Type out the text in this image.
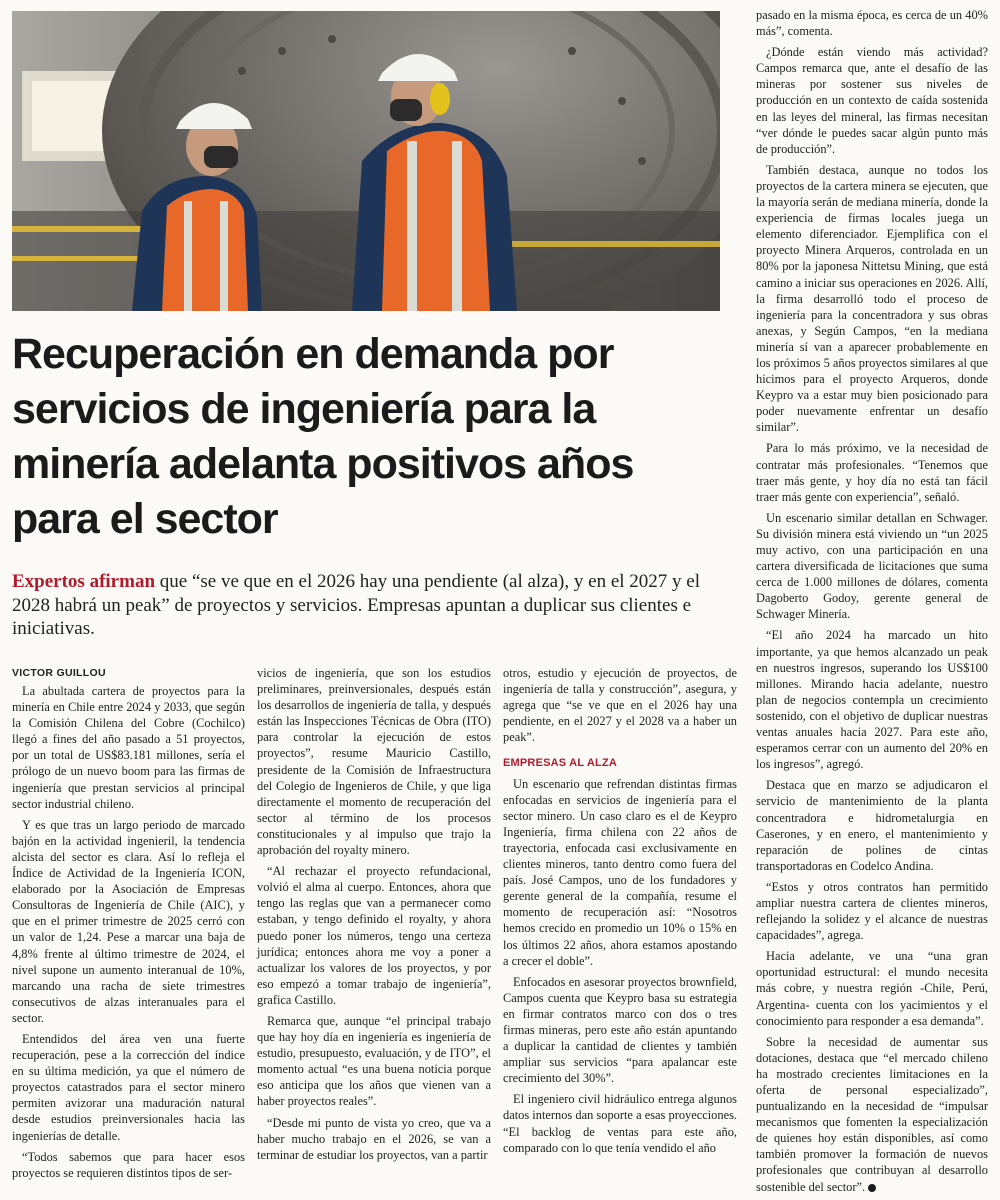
Recuperación en demanda por
servicios de ingeniería para la
minería adelanta positivos años
para el sector

Expertos afirman que “se ve que en el 2026 hay una pendiente (al alza), y en el 2027 y el 2028 habrá un peak” de proyectos y servicios. Empresas apuntan a duplicar sus clientes e iniciativas.

VICTOR GUILLOU

La abultada cartera de proyectos para la minería en Chile entre 2024 y 2033, que según la Comisión Chilena del Cobre (Cochilco) llegó a fines del año pasado a 51 proyectos, por un total de US$83.181 millones, sería el prólogo de un nuevo boom para las firmas de ingeniería que prestan servicios al principal sector industrial chileno.

Y es que tras un largo periodo de marcado bajón en la actividad ingenieril, la tendencia alcista del sector es clara. Así lo refleja el Índice de Actividad de la Ingeniería ICON, elaborado por la Asociación de Empresas Consultoras de Ingeniería de Chile (AIC), y que en el primer trimestre de 2025 cerró con un valor de 1,24. Pese a marcar una baja de 4,8% frente al último trimestre de 2024, el nivel supone un aumento interanual de 10%, marcando una racha de siete trimestres consecutivos de alzas interanuales para el sector.

Entendidos del área ven una fuerte recuperación, pese a la corrección del índice en su última medición, ya que el número de proyectos catastrados para el sector minero permiten avizorar una maduración natural desde estudios preinversionales hacia las ingenierías de detalle.

“Todos sabemos que para hacer esos proyectos se requieren distintos tipos de ser-

vicios de ingeniería, que son los estudios preliminares, preinversionales, después están los desarrollos de ingeniería de talla, y después están las Inspecciones Técnicas de Obra (ITO) para controlar la ejecución de estos proyectos”, resume Mauricio Castillo, presidente de la Comisión de Infraestructura del Colegio de Ingenieros de Chile, y que liga directamente el momento de recuperación del sector al término de los procesos constitucionales y al impulso que trajo la aprobación del royalty minero.

“Al rechazar el proyecto refundacional, volvió el alma al cuerpo. Entonces, ahora que tengo las reglas que van a permanecer como estaban, y tengo definido el royalty, y ahora puedo poner los números, tengo una certeza jurídica; entonces ahora me voy a poner a actualizar los valores de los proyectos, y por eso empezó a tomar trabajo de ingeniería”, grafica Castillo.

Remarca que, aunque “el principal trabajo que hay hoy día en ingeniería es ingeniería de estudio, presupuesto, evaluación, y de ITO”, el momento actual “es una buena noticia porque eso anticipa que los años que vienen van a haber proyectos reales”.

“Desde mi punto de vista yo creo, que va a haber mucho trabajo en el 2026, se van a terminar de estudiar los proyectos, van a partir

otros, estudio y ejecución de proyectos, de ingeniería de talla y construcción”, asegura, y agrega que “se ve que en el 2026 hay una pendiente, en el 2027 y el 2028 va a haber un peak”.

EMPRESAS AL ALZA

Un escenario que refrendan distintas firmas enfocadas en servicios de ingeniería para el sector minero. Un caso claro es el de Keypro Ingeniería, firma chilena con 22 años de trayectoria, enfocada casi exclusivamente en clientes mineros, tanto dentro como fuera del país. José Campos, uno de los fundadores y gerente general de la compañía, resume el momento de recuperación así: “Nosotros hemos crecido en promedio un 10% o 15% en los últimos 22 años, ahora estamos apostando a crecer el doble”.

Enfocados en asesorar proyectos brownfield, Campos cuenta que Keypro basa su estrategia en firmar contratos marco con dos o tres firmas mineras, pero este año están apuntando a duplicar la cantidad de clientes y también ampliar sus servicios “para apalancar este crecimiento del 30%”.

El ingeniero civil hidráulico entrega algunos datos internos dan soporte a esas proyecciones. “El backlog de ventas para este año, comparado con lo que tenía vendido el año

pasado en la misma época, es cerca de un 40% más”, comenta.

¿Dónde están viendo más actividad? Campos remarca que, ante el desafío de las mineras por sostener sus niveles de producción en un contexto de caída sostenida en las leyes del mineral, las firmas necesitan “ver dónde le puedes sacar algún punto más de producción”.

También destaca, aunque no todos los proyectos de la cartera minera se ejecuten, que la mayoría serán de mediana minería, donde la experiencia de firmas locales juega un elemento diferenciador. Ejemplifica con el proyecto Minera Arqueros, controlada en un 80% por la japonesa Nittetsu Mining, que está camino a iniciar sus operaciones en 2026. Allí, la firma desarrolló todo el proceso de ingeniería para la concentradora y sus obras anexas, y Según Campos, “en la mediana minería sí van a aparecer probablemente en los próximos 5 años proyectos similares al que hicimos para el proyecto Arqueros, donde Keypro va a estar muy bien posicionado para poder nuevamente enfrentar un desafío similar”.

Para lo más próximo, ve la necesidad de contratar más profesionales. “Tenemos que traer más gente, y hoy día no está tan fácil traer más gente con experiencia”, señaló.

Un escenario similar detallan en Schwager. Su división minera está viviendo un “un 2025 muy activo, con una participación en una cartera diversificada de licitaciones que suma cerca de 1.000 millones de dólares, comenta Dagoberto Godoy, gerente general de Schwager Minería.

“El año 2024 ha marcado un hito importante, ya que hemos alcanzado un peak en nuestros ingresos, superando los US$100 millones. Mirando hacia adelante, nuestro plan de negocios contempla un crecimiento sostenido, con el objetivo de duplicar nuestras ventas anuales hacia 2027. Para este año, esperamos cerrar con un aumento del 20% en los ingresos”, agregó.

Destaca que en marzo se adjudicaron el servicio de mantenimiento de la planta concentradora e hidrometalurgia en Caserones, y en enero, el mantenimiento y reparación de polines de cintas transportadoras en Codelco Andina.

“Estos y otros contratos han permitido ampliar nuestra cartera de clientes mineros, reflejando la solidez y el alcance de nuestras capacidades”, agrega.

Hacia adelante, ve una “una gran oportunidad estructural: el mundo necesita más cobre, y nuestra región -Chile, Perú, Argentina- cuenta con los yacimientos y el conocimiento para responder a esa demanda”.

Sobre la necesidad de aumentar sus dotaciones, destaca que “el mercado chileno ha mostrado crecientes limitaciones en la oferta de personal especializado”, puntualizando en la necesidad de “impulsar mecanismos que fomenten la especialización de quienes hoy están disponibles, así como también promover la formación de nuevos profesionales que contribuyan al desarrollo sostenible del sector”.
